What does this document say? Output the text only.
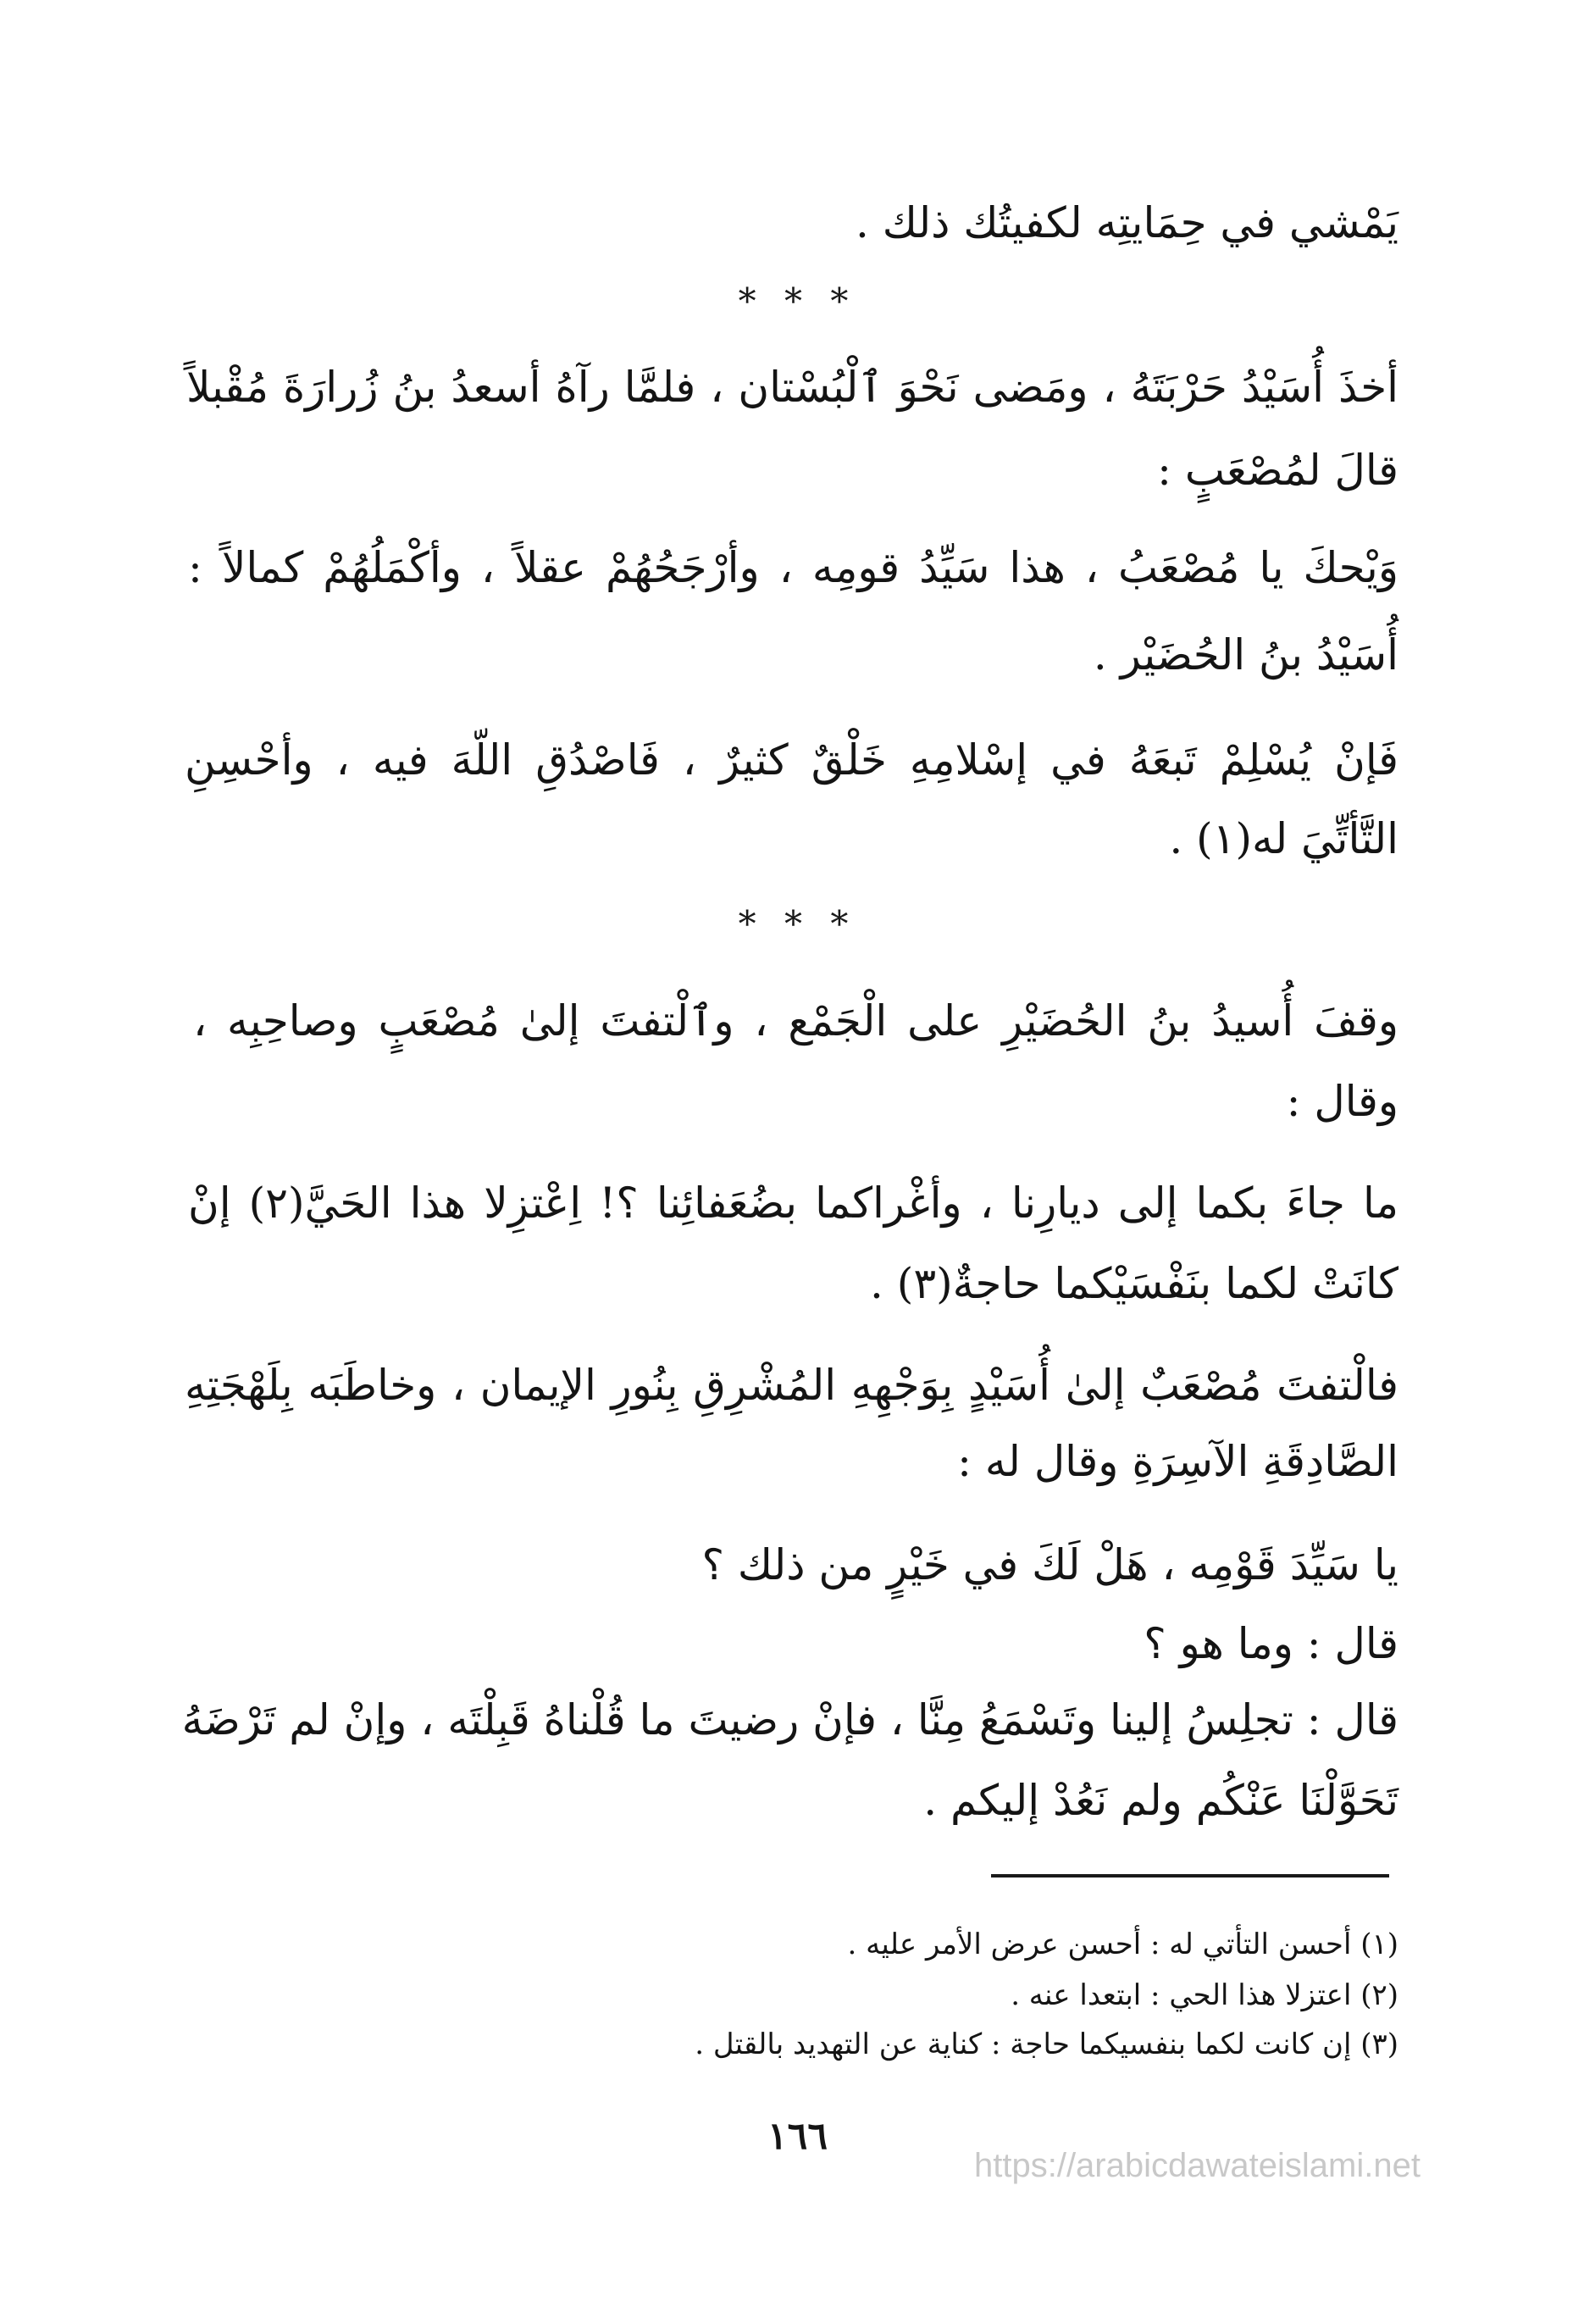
يَمْشي في حِمَايتِه لكفيتُك ذلك .
* * *
أخذَ أُسَيْدُ حَرْبَتَهُ ، ومَضى نَحْوَ ٱلْبُسْتان ، فلمَّا رآهُ أسعدُ بنُ زُرارَةَ مُقْبلاً
قالَ لمُصْعَبٍ :
وَيْحكَ يا مُصْعَبُ ، هذا سَيِّدُ قومِه ، وأرْجَحُهُمْ عقلاً ، وأكْمَلُهُمْ كمالاً :
أُسَيْدُ بنُ الحُضَيْر .
فَإنْ يُسْلِمْ تَبعَهُ في إسْلامِهِ خَلْقٌ كثيرٌ ، فَاصْدُقِ اللّهَ فيه ، وأحْسِنِ
التَّأتِّيَ له(١) .
* * *
وقفَ أُسيدُ بنُ الحُضَيْرِ على الْجَمْع ، وٱلْتفتَ إلىٰ مُصْعَبٍ وصاحِبِه ،
وقال :
ما جاءَ بكما إلى ديارِنا ، وأغْراكما بضُعَفائِنا ؟! اِعْتزِلا هذا الحَيَّ(٢) إنْ
كانَتْ لكما بنَفْسَيْكما حاجةٌ(٣) .
فالْتفتَ مُصْعَبٌ إلىٰ أُسَيْدٍ بِوَجْهِهِ المُشْرِقِ بِنُورِ الإيمان ، وخاطَبَه بِلَهْجَتِهِ
الصَّادِقَةِ الآسِرَةِ وقال له :
يا سَيِّدَ قَوْمِه ، هَلْ لَكَ في خَيْرٍ من ذلك ؟
قال : وما هو ؟
قال : تجلِسُ إلينا وتَسْمَعُ مِنَّا ، فإنْ رضيتَ ما قُلْناهُ قَبِلْتَه ، وإنْ لم تَرْضَهُ
تَحَوَّلْنَا عَنْكُم ولم نَعُدْ إليكم .
(١) أحسن التأتي له : أحسن عرض الأمر عليه .
(٢) اعتزلا هذا الحي : ابتعدا عنه .
(٣) إن كانت لكما بنفسيكما حاجة : كناية عن التهديد بالقتل .
١٦٦
https://arabicdawateislami.net
